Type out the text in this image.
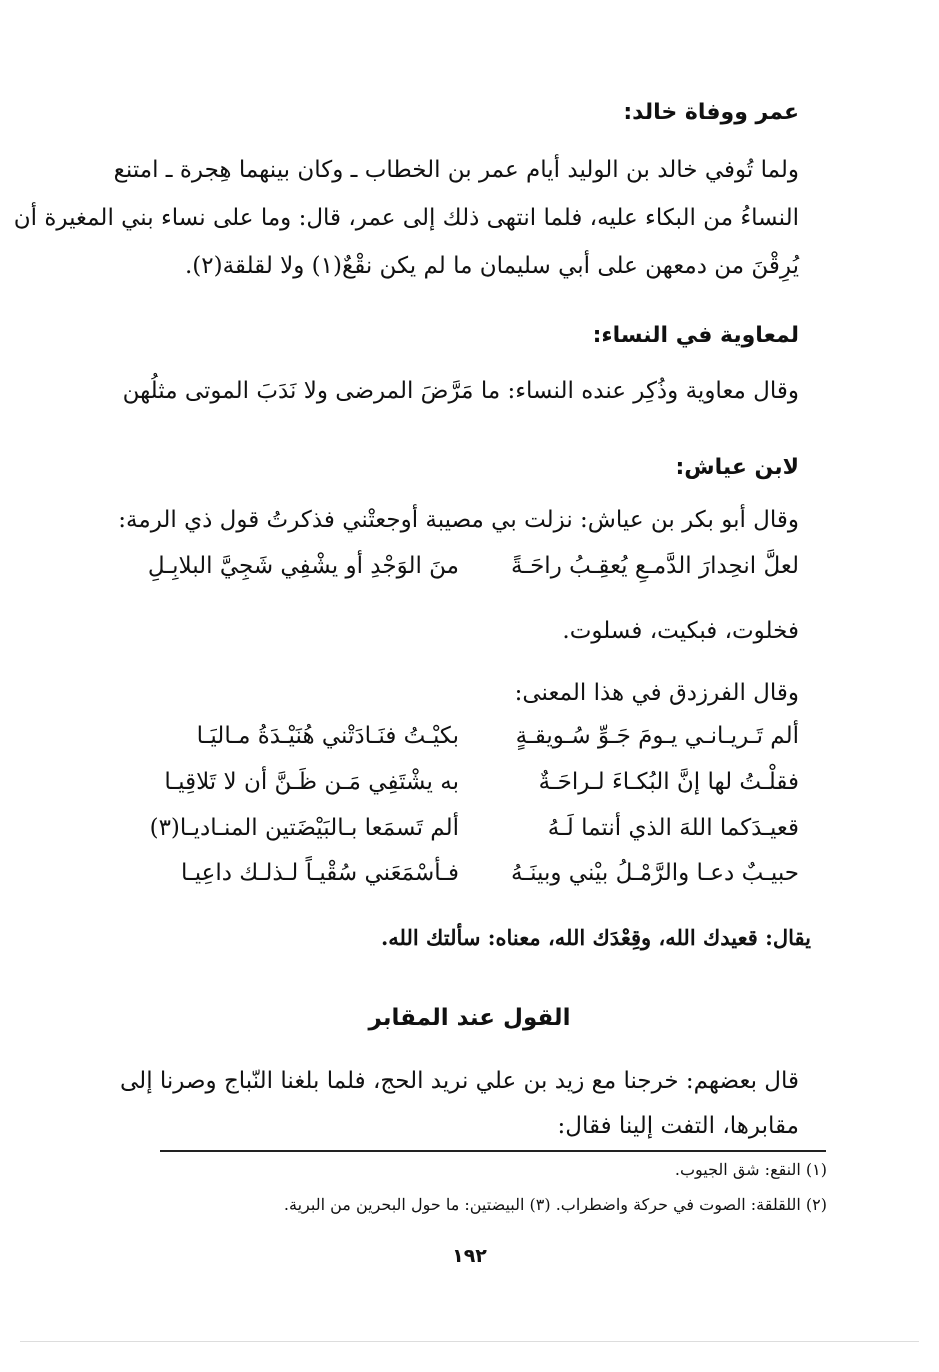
عمر ووفاة خالد:
ولما تُوفي خالد بن الوليد أيام عمر بن الخطاب ـ وكان بينهما هِجرة ـ امتنع
النساءُ من البكاء عليه، فلما انتهى ذلك إلى عمر، قال: وما على نساء بني المغيرة أن
يُرِقْنَ من دمعهن على أبي سليمان ما لم يكن نقْعٌ(١) ولا لقلقة(٢).
لمعاوية في النساء:
وقال معاوية وذُكِر عنده النساء: ما مَرَّضَ المرضى ولا نَدَبَ الموتى مثلُهن
لابن عياش:
وقال أبو بكر بن عياش: نزلت بي مصيبة أوجعتْني فذكرتُ قول ذي الرمة:
لعلَّ انحِدارَ الدَّمـعِ يُعقِـبُ راحَـةً
منَ الوَجْدِ أو يشْفِي شَجِيَّ البلابِـلِ
فخلوت، فبكيت، فسلوت.
وقال الفرزدق في هذا المعنى:
ألم تَـريـانـي يـومَ جَـوِّ سُـويقـةٍ
بكيْـتُ فنَـادَتْني هُنَيْـدَةُ مـاليَـا
فقلْـتُ لها إنَّ البُكـاءَ لـراحَـةٌ
به يشْتَفِي مَـن ظَـنَّ أن لا تَلاقِيـا
قعيـدَكما اللهَ الذي أنتما لَـهُ
ألم تَسمَعا بـالبَيْضَتين المنـاديـا(٣)
حبيـبٌ دعـا والرَّمْـلُ بيْني وبينَـهُ
فـأسْمَعَني سُقْيـاً لـذلـك داعِيـا
يقال: قعيدك الله، وقِعْدَك الله، معناه: سألتك الله.
القول عند المقابر
قال بعضهم: خرجنا مع زيد بن علي نريد الحج، فلما بلغنا النّباج وصرنا إلى
مقابرها، التفت إلينا فقال:
(١) النقع: شق الجيوب.
(٢) اللقلقة: الصوت في حركة واضطراب. (٣) البيضتين: ما حول البحرين من البرية.
١٩٢
